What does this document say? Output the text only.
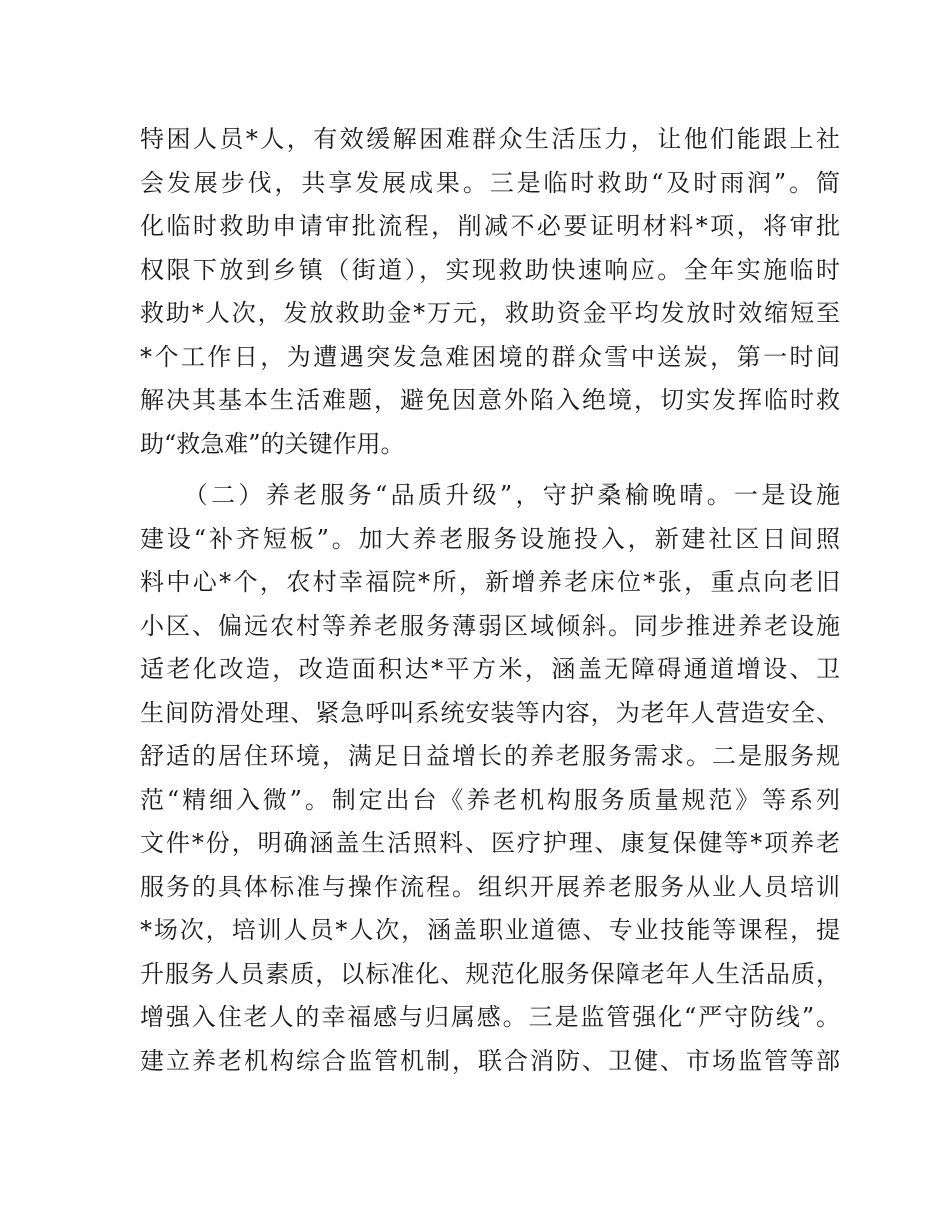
特困人员*人，有效缓解困难群众生活压力，让他们能跟上社
会发展步伐，共享发展成果。三是临时救助“及时雨润”。简
化临时救助申请审批流程，削减不必要证明材料*项，将审批
权限下放到乡镇（街道），实现救助快速响应。全年实施临时
救助*人次，发放救助金*万元，救助资金平均发放时效缩短至
*个工作日，为遭遇突发急难困境的群众雪中送炭，第一时间
解决其基本生活难题，避免因意外陷入绝境，切实发挥临时救
助“救急难”的关键作用。
（二）养老服务“品质升级”，守护桑榆晚晴。一是设施
建设“补齐短板”。加大养老服务设施投入，新建社区日间照
料中心*个，农村幸福院*所，新增养老床位*张，重点向老旧
小区、偏远农村等养老服务薄弱区域倾斜。同步推进养老设施
适老化改造，改造面积达*平方米，涵盖无障碍通道增设、卫
生间防滑处理、紧急呼叫系统安装等内容，为老年人营造安全、
舒适的居住环境，满足日益增长的养老服务需求。二是服务规
范“精细入微”。制定出台《养老机构服务质量规范》等系列
文件*份，明确涵盖生活照料、医疗护理、康复保健等*项养老
服务的具体标准与操作流程。组织开展养老服务从业人员培训
*场次，培训人员*人次，涵盖职业道德、专业技能等课程，提
升服务人员素质，以标准化、规范化服务保障老年人生活品质，
增强入住老人的幸福感与归属感。三是监管强化“严守防线”。
建立养老机构综合监管机制，联合消防、卫健、市场监管等部
